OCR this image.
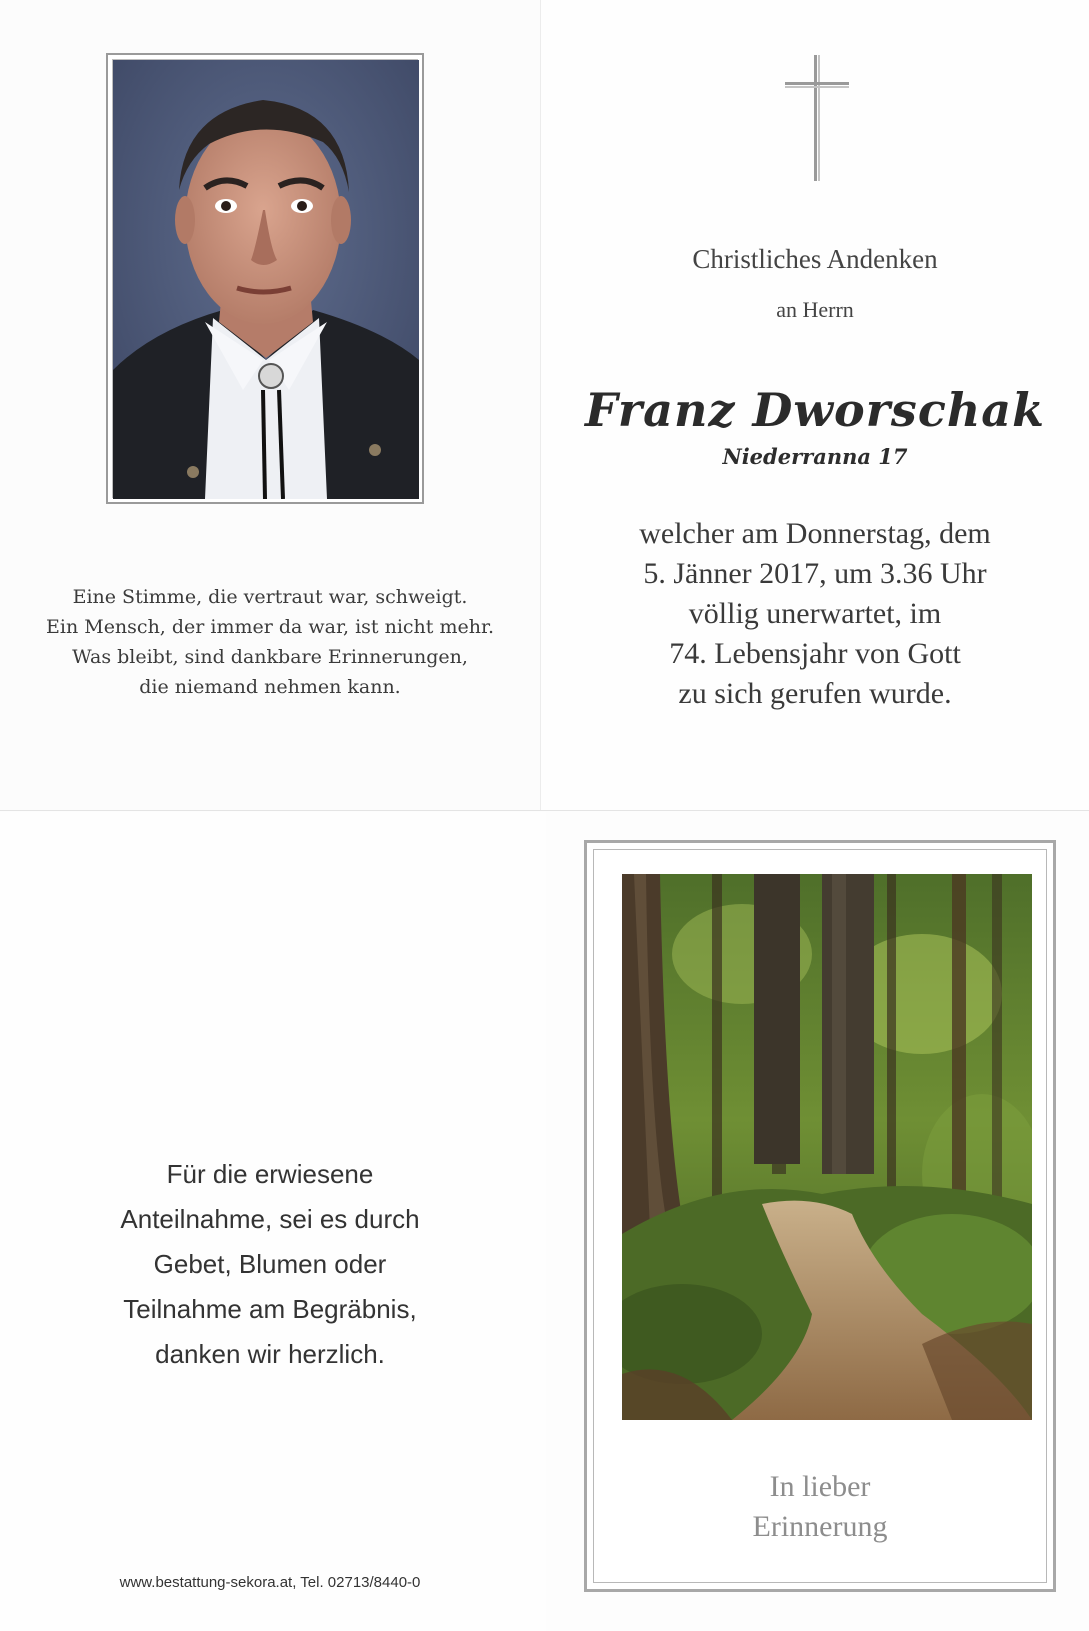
Eine Stimme, die vertraut war, schweigt.
Ein Mensch, der immer da war, ist nicht mehr.
Was bleibt, sind dankbare Erinnerungen,
die niemand nehmen kann.
Christliches Andenken
an Herrn
Franz Dworschak
Niederranna 17
welcher am Donnerstag, dem
5. Jänner 2017, um 3.36 Uhr
völlig unerwartet, im
74. Lebensjahr von Gott
zu sich gerufen wurde.
Für die erwiesene
Anteilnahme, sei es durch
Gebet, Blumen oder
Teilnahme am Begräbnis,
danken wir herzlich.
www.bestattung-sekora.at, Tel. 02713/8440-0
In lieber
Erinnerung
